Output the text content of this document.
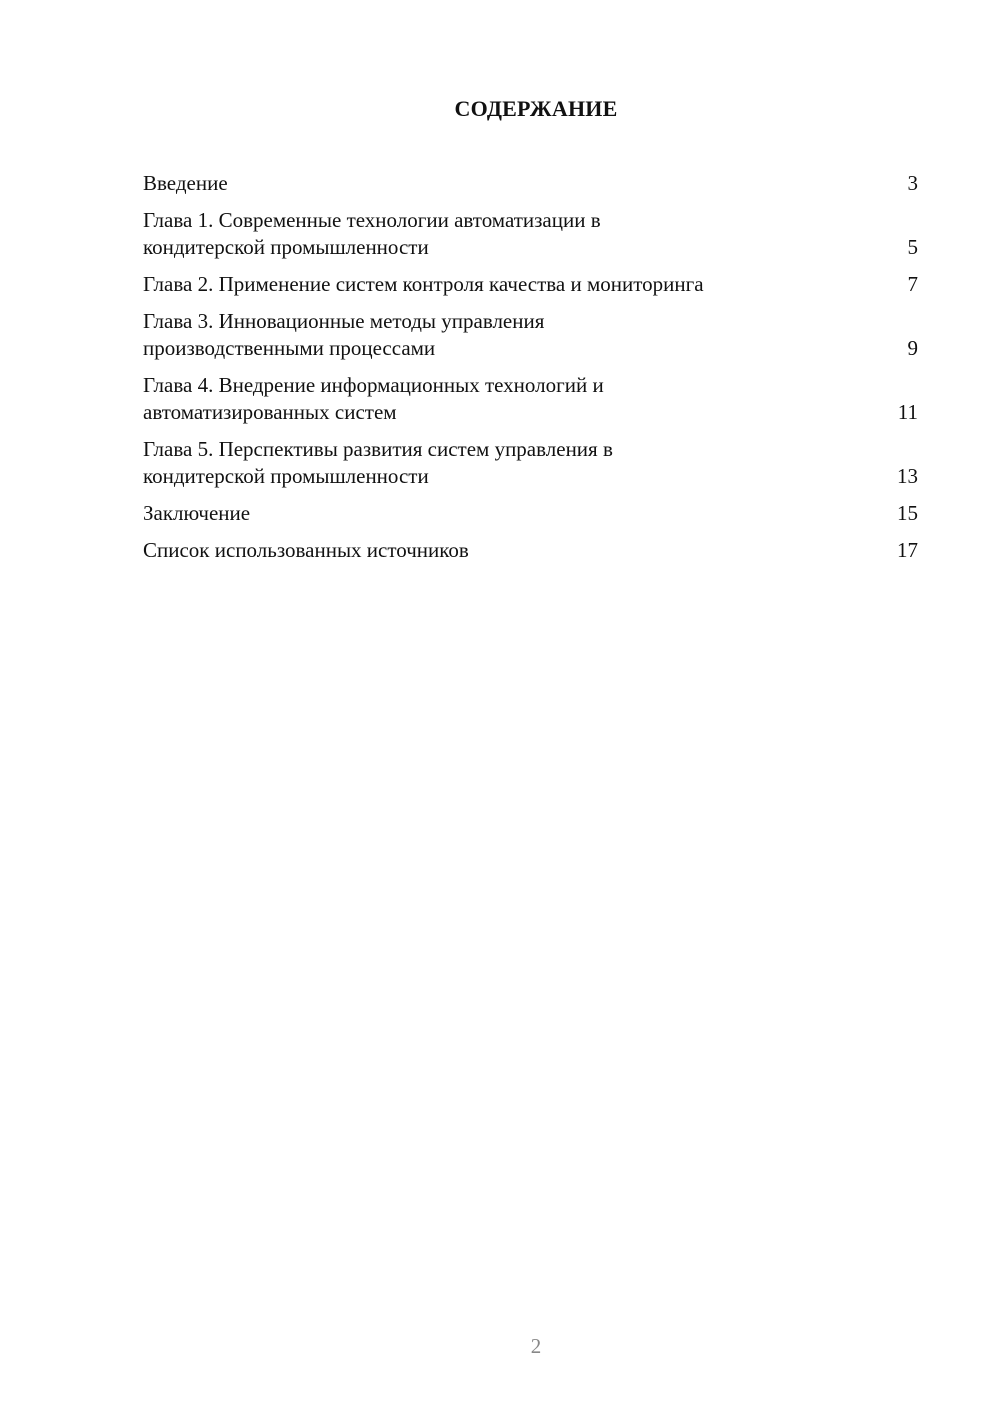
СОДЕРЖАНИЕ
Введение	3
Глава 1. Современные технологии автоматизации в
кондитерской промышленности	5
Глава 2. Применение систем контроля качества и мониторинга	7
Глава 3. Инновационные методы управления
производственными процессами	9
Глава 4. Внедрение информационных технологий и
автоматизированных систем	11
Глава 5. Перспективы развития систем управления в
кондитерской промышленности	13
Заключение	15
Список использованных источников	17
2
